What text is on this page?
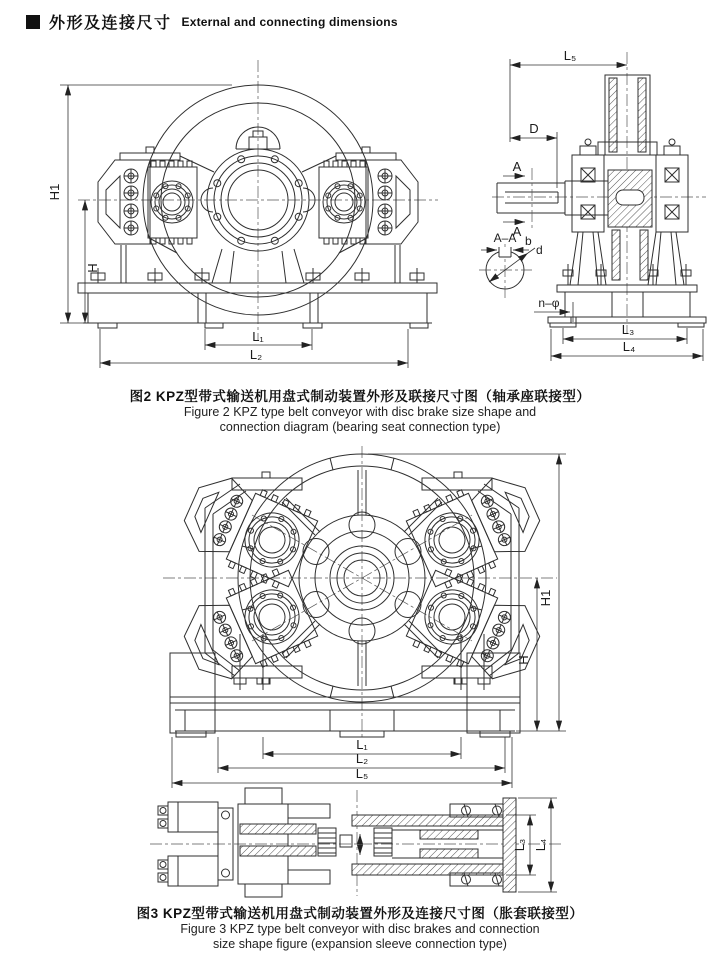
外形及连接尺寸 External and connecting dimensions
H1
H
L₁
L₂
L₅
D
A
A
A–A b
d
n–φ
L₃
L₄
图2 KPZ型带式输送机用盘式制动装置外形及联接尺寸图（轴承座联接型）
Figure 2 KPZ type belt conveyor with disc brake size shape and
connection diagram (bearing seat connection type)
H1
H
L₁
L₂
L₅
L₃ L₄
图3 KPZ型带式输送机用盘式制动装置外形及连接尺寸图（胀套联接型）
Figure 3 KPZ type belt conveyor with disc brakes and connection
size shape figure (expansion sleeve connection type)
